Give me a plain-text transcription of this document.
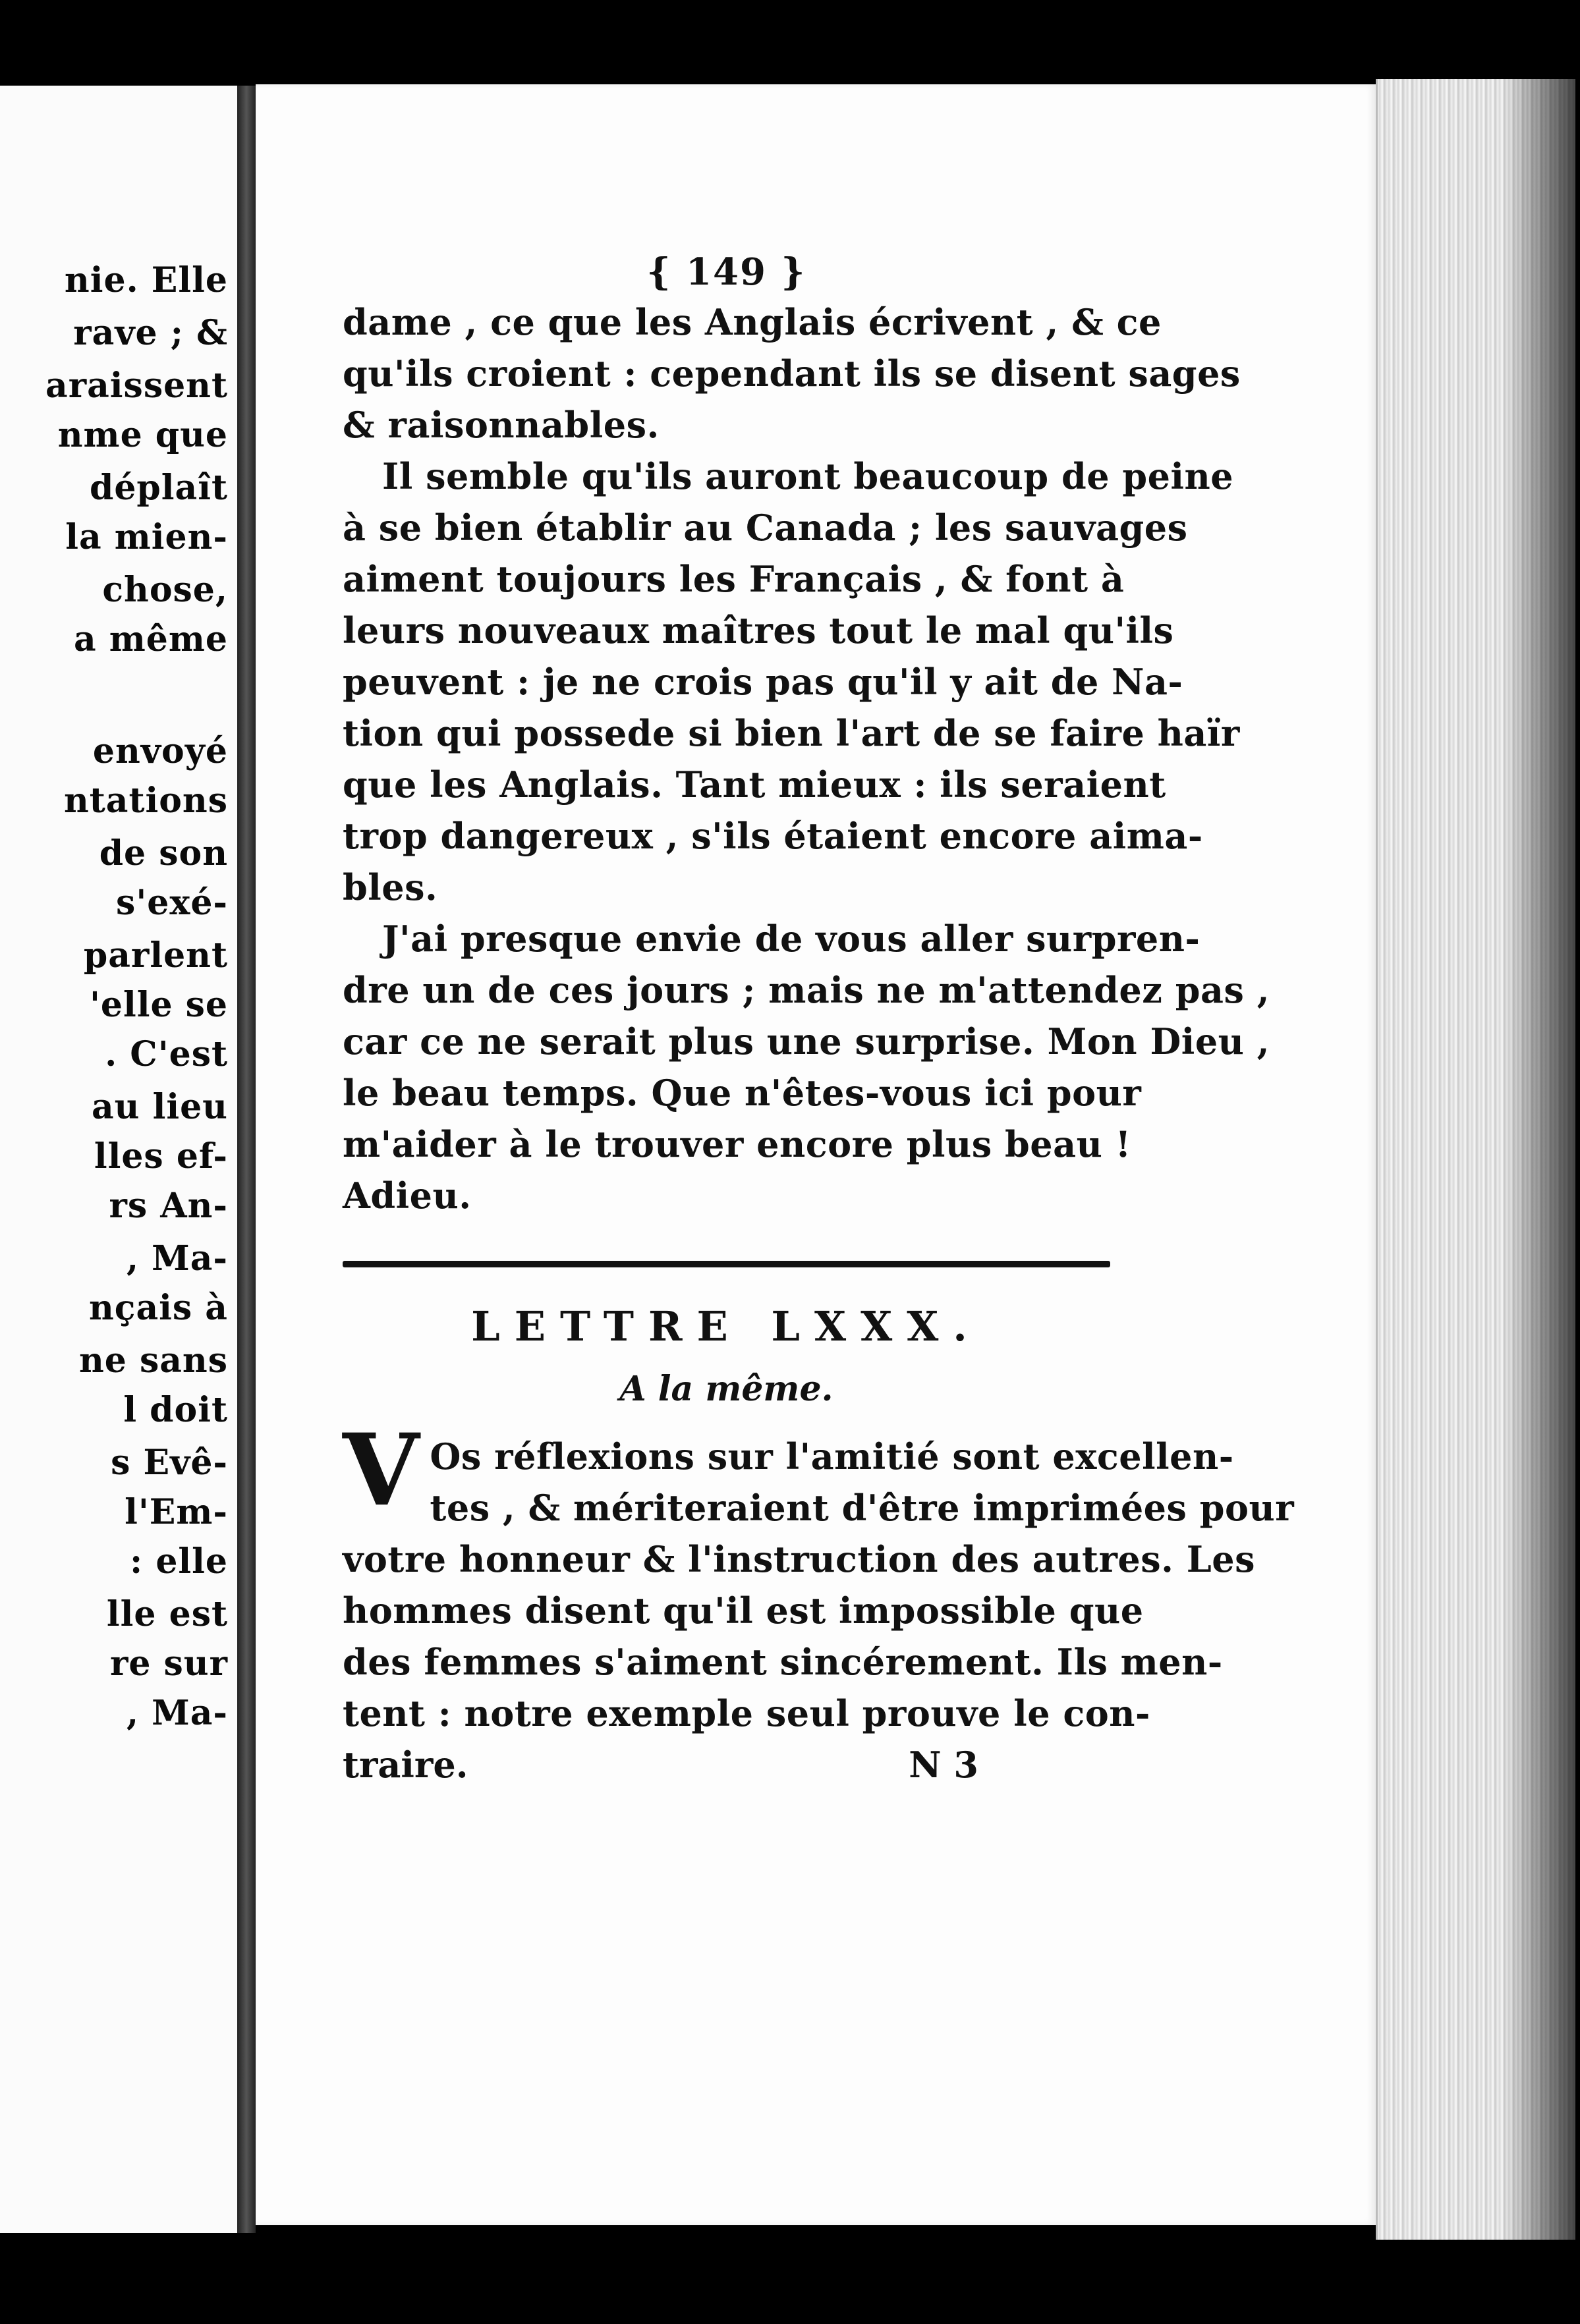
nie. Elle
rave ; &
araissent
nme que
déplaît
la mien-
chose,
a même
envoyé
ntations
de son
s'exé-
parlent
'elle se
. C'est
au lieu
lles ef-
rs An-
, Ma-
nçais à
ne sans
l doit
s Evê-
l'Em-
: elle
lle est
re sur
, Ma-
{ 149 }
dame , ce que les Anglais écrivent , & ce
qu'ils croient : cependant ils se disent sages
& raisonnables.
Il semble qu'ils auront beaucoup de peine
à se bien établir au Canada ; les sauvages
aiment toujours les Français , & font à
leurs nouveaux maîtres tout le mal qu'ils
peuvent : je ne crois pas qu'il y ait de Na-
tion qui possede si bien l'art de se faire haïr
que les Anglais. Tant mieux : ils seraient
trop dangereux , s'ils étaient encore aima-
bles.
J'ai presque envie de vous aller surpren-
dre un de ces jours ; mais ne m'attendez pas ,
car ce ne serait plus une surprise. Mon Dieu ,
le beau temps. Que n'êtes-vous ici pour
m'aider à le trouver encore plus beau !
Adieu.
LETTRE LXXX.
A la même.
V Os réflexions sur l'amitié sont excellen-
tes , & mériteraient d'être imprimées pour
votre honneur & l'instruction des autres. Les
hommes disent qu'il est impossible que
des femmes s'aiment sincérement. Ils men-
tent : notre exemple seul prouve le con-
traire.	N 3
